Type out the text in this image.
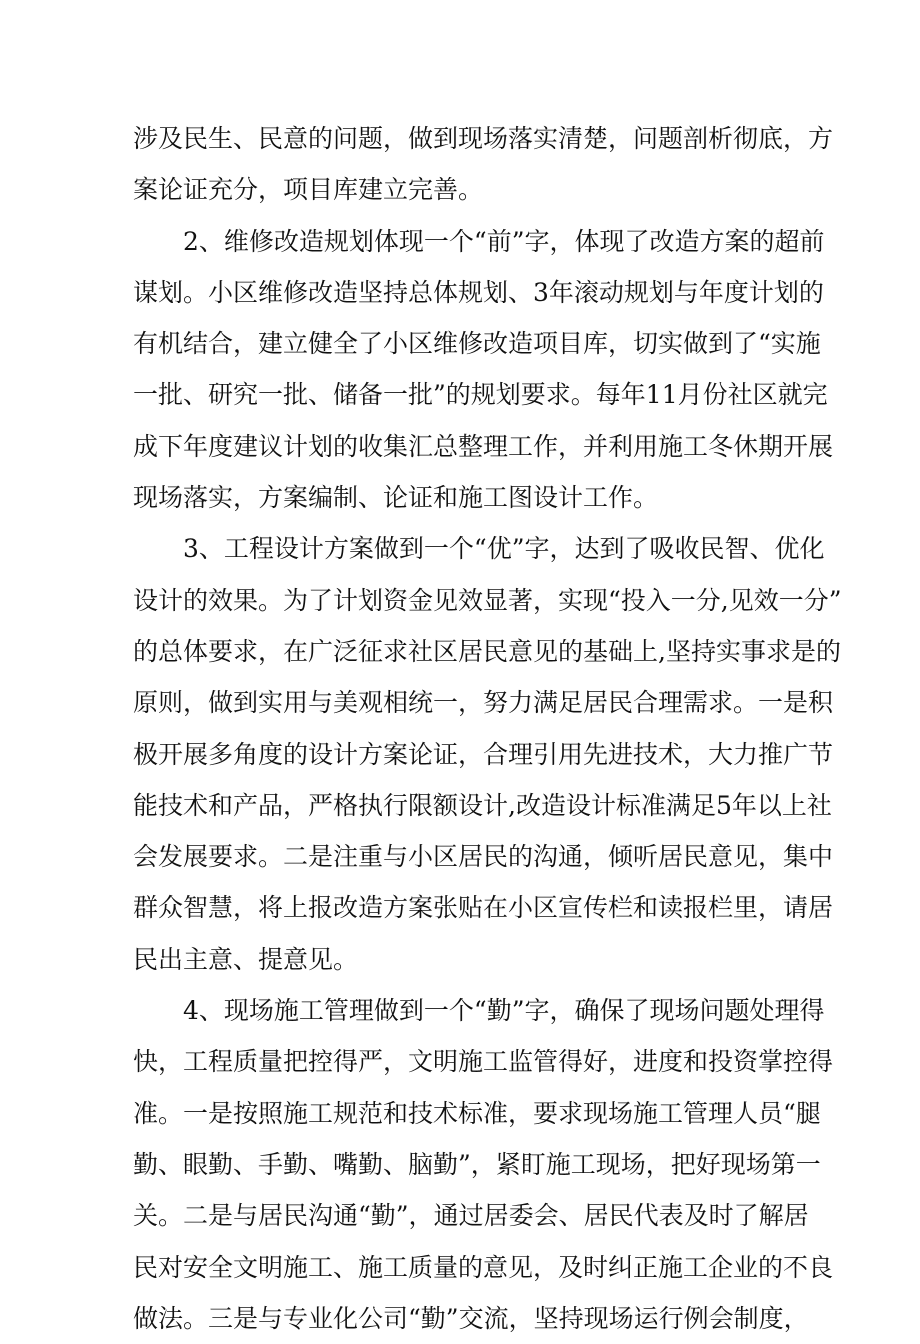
涉及民生、民意的问题，做到现场落实清楚，问题剖析彻底，方
案论证充分，项目库建立完善。
2、维修改造规划体现一个“前”字，体现了改造方案的超前
谋划。小区维修改造坚持总体规划、3年滚动规划与年度计划的
有机结合，建立健全了小区维修改造项目库，切实做到了“实施
一批、研究一批、储备一批”的规划要求。每年11月份社区就完
成下年度建议计划的收集汇总整理工作，并利用施工冬休期开展
现场落实，方案编制、论证和施工图设计工作。
3、工程设计方案做到一个“优”字，达到了吸收民智、优化
设计的效果。为了计划资金见效显著，实现“投入一分,见效一分”
的总体要求，在广泛征求社区居民意见的基础上,坚持实事求是的
原则，做到实用与美观相统一，努力满足居民合理需求。一是积
极开展多角度的设计方案论证，合理引用先进技术，大力推广节
能技术和产品，严格执行限额设计,改造设计标准满足5年以上社
会发展要求。二是注重与小区居民的沟通，倾听居民意见，集中
群众智慧，将上报改造方案张贴在小区宣传栏和读报栏里，请居
民出主意、提意见。
4、现场施工管理做到一个“勤”字，确保了现场问题处理得
快，工程质量把控得严，文明施工监管得好，进度和投资掌控得
准。一是按照施工规范和技术标准，要求现场施工管理人员“腿
勤、眼勤、手勤、嘴勤、脑勤”，紧盯施工现场，把好现场第一
关。二是与居民沟通“勤”，通过居委会、居民代表及时了解居
民对安全文明施工、施工质量的意见，及时纠正施工企业的不良
做法。三是与专业化公司“勤”交流，坚持现场运行例会制度，
